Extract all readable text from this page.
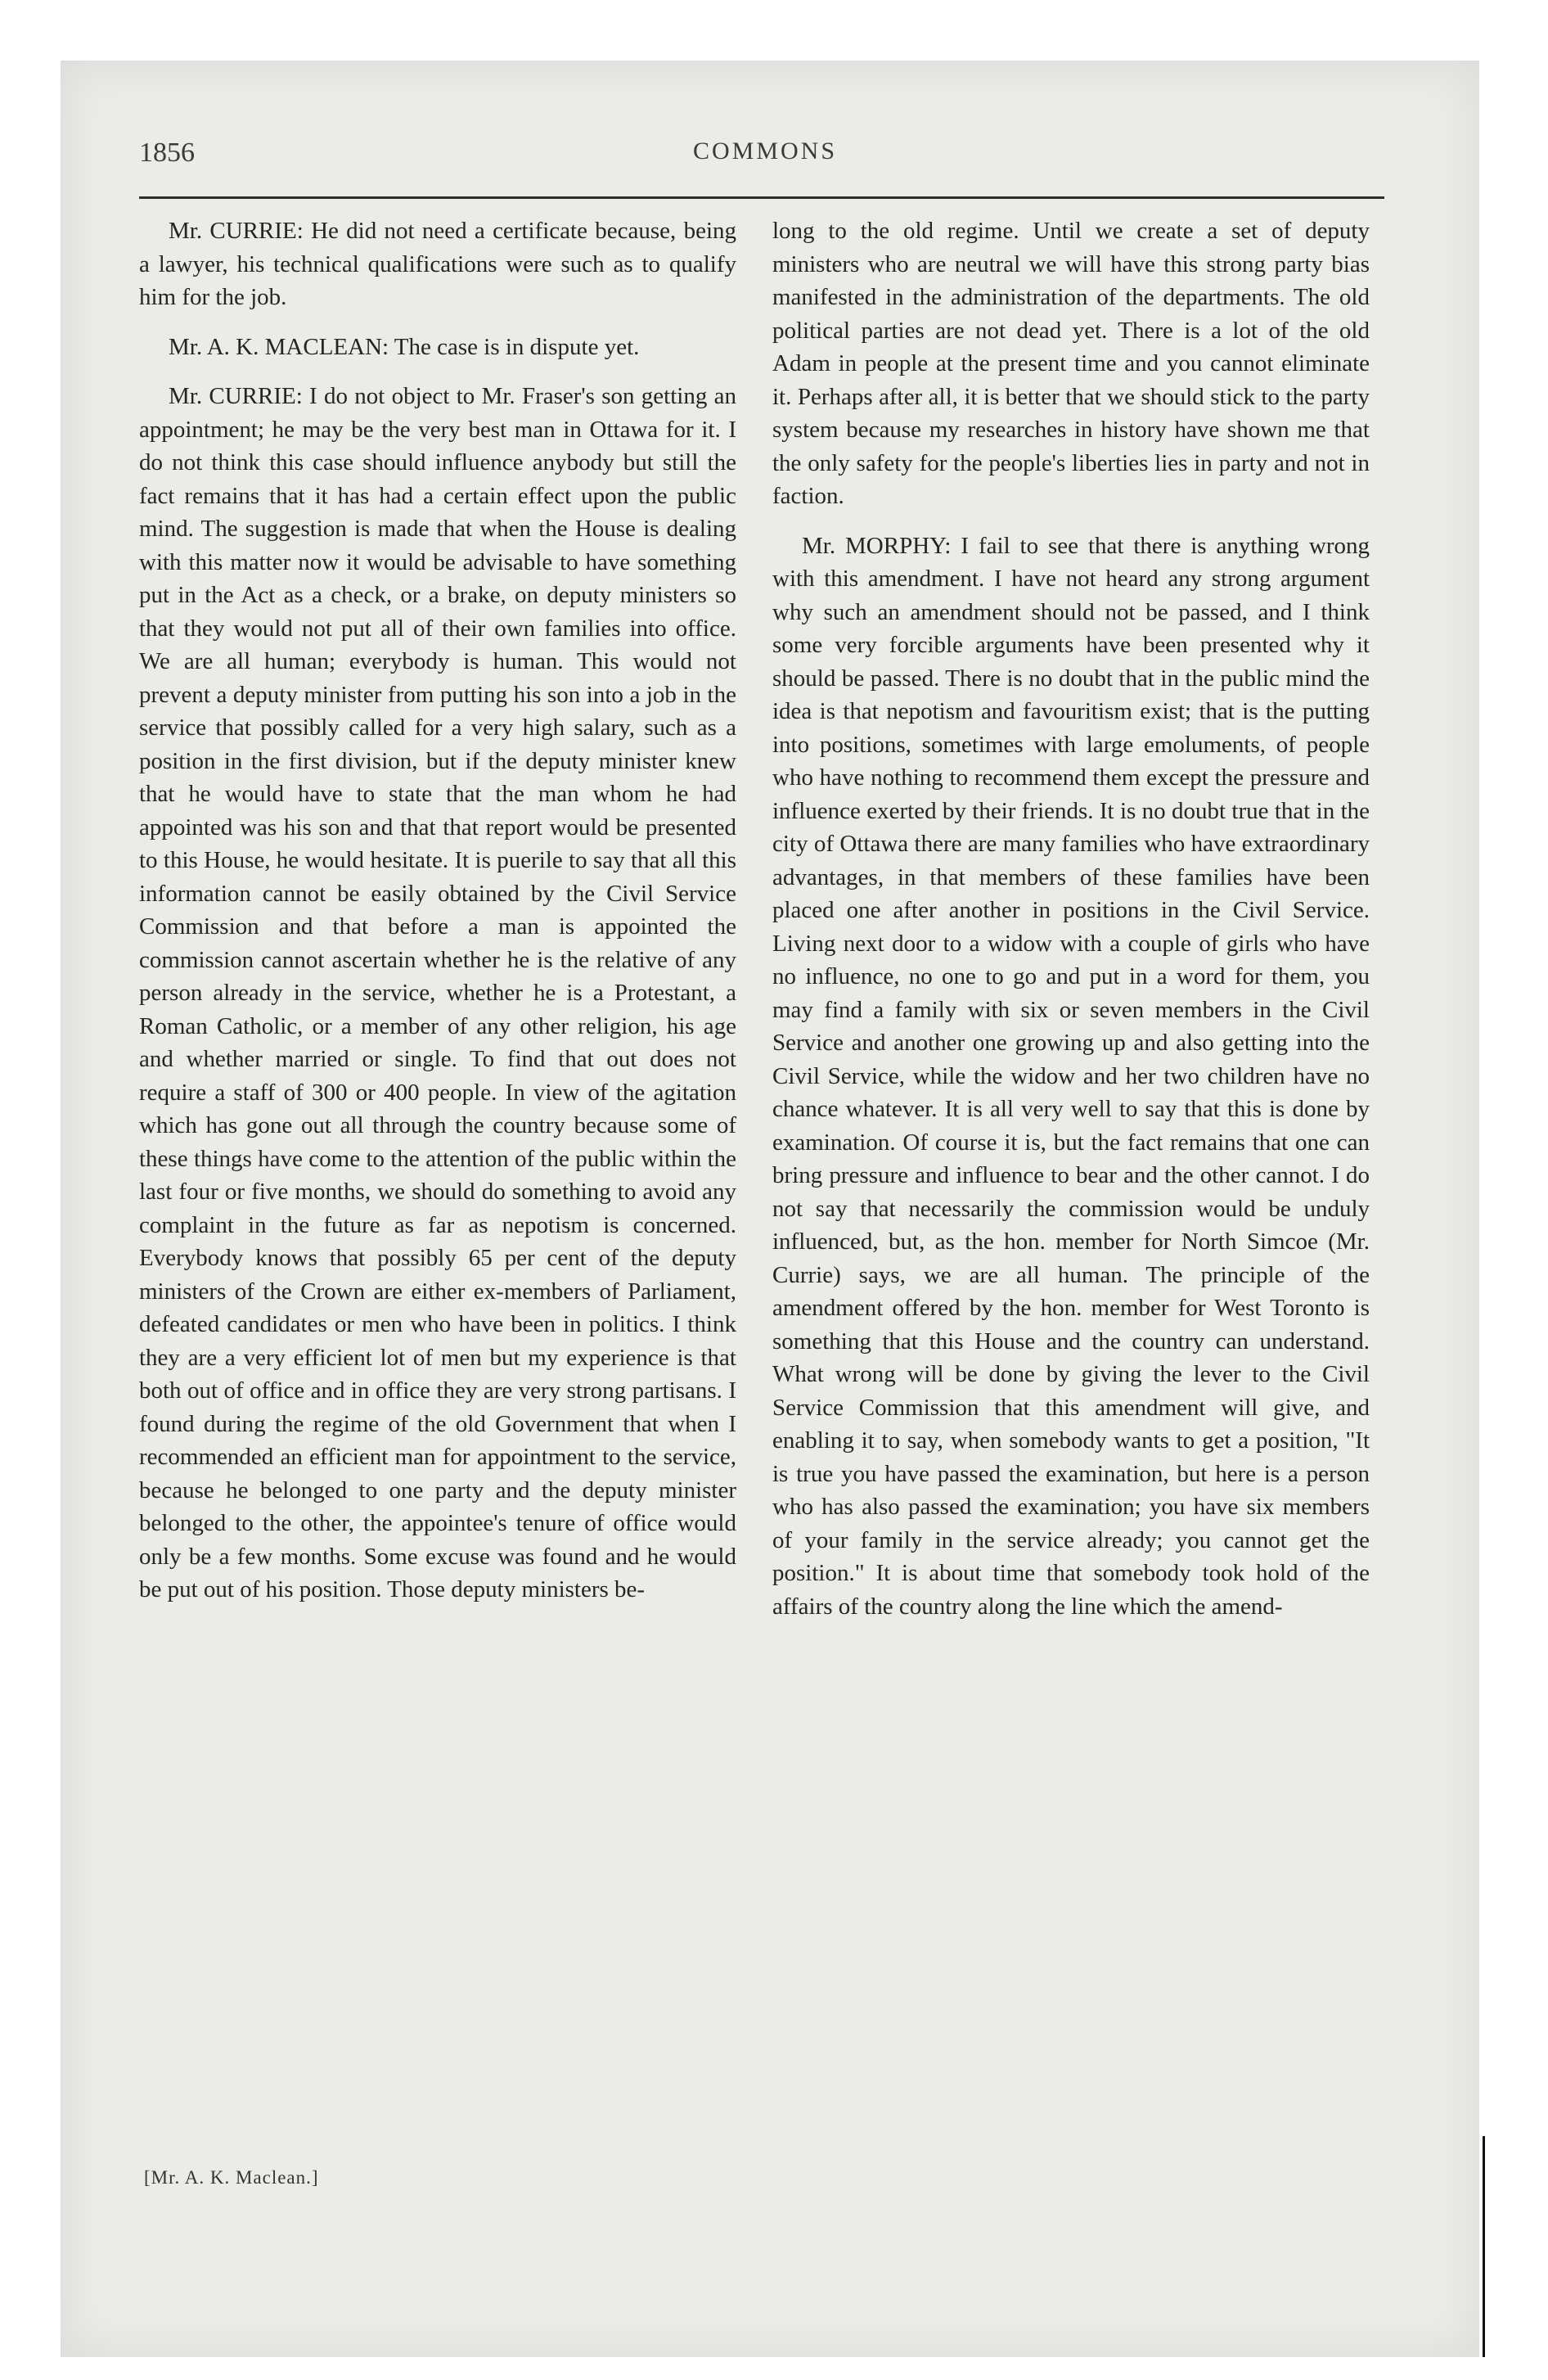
1856	COMMONS

Mr. CURRIE: He did not need a certificate because, being a lawyer, his technical qualifications were such as to qualify him for the job.

Mr. A. K. MACLEAN: The case is in dispute yet.

Mr. CURRIE: I do not object to Mr. Fraser's son getting an appointment; he may be the very best man in Ottawa for it. I do not think this case should influence anybody but still the fact remains that it has had a certain effect upon the public mind. The suggestion is made that when the House is dealing with this matter now it would be advisable to have something put in the Act as a check, or a brake, on deputy ministers so that they would not put all of their own families into office. We are all human; everybody is human. This would not prevent a deputy minister from putting his son into a job in the service that possibly called for a very high salary, such as a position in the first division, but if the deputy minister knew that he would have to state that the man whom he had appointed was his son and that that report would be presented to this House, he would hesitate. It is puerile to say that all this information cannot be easily obtained by the Civil Service Commission and that before a man is appointed the commission cannot ascertain whether he is the relative of any person already in the service, whether he is a Protestant, a Roman Catholic, or a member of any other religion, his age and whether married or single. To find that out does not require a staff of 300 or 400 people. In view of the agitation which has gone out all through the country because some of these things have come to the attention of the public within the last four or five months, we should do something to avoid any complaint in the future as far as nepotism is concerned. Everybody knows that possibly 65 per cent of the deputy ministers of the Crown are either ex-members of Parliament, defeated candidates or men who have been in politics. I think they are a very efficient lot of men but my experience is that both out of office and in office they are very strong partisans. I found during the regime of the old Government that when I recommended an efficient man for appointment to the service, because he belonged to one party and the deputy minister belonged to the other, the appointee's tenure of office would only be a few months. Some excuse was found and he would be put out of his position. Those deputy ministers be-

long to the old regime. Until we create a set of deputy ministers who are neutral we will have this strong party bias manifested in the administration of the departments. The old political parties are not dead yet. There is a lot of the old Adam in people at the present time and you cannot eliminate it. Perhaps after all, it is better that we should stick to the party system because my researches in history have shown me that the only safety for the people's liberties lies in party and not in faction.

Mr. MORPHY: I fail to see that there is anything wrong with this amendment. I have not heard any strong argument why such an amendment should not be passed, and I think some very forcible arguments have been presented why it should be passed. There is no doubt that in the public mind the idea is that nepotism and favouritism exist; that is the putting into positions, sometimes with large emoluments, of people who have nothing to recommend them except the pressure and influence exerted by their friends. It is no doubt true that in the city of Ottawa there are many families who have extraordinary advantages, in that members of these families have been placed one after another in positions in the Civil Service. Living next door to a widow with a couple of girls who have no influence, no one to go and put in a word for them, you may find a family with six or seven members in the Civil Service and another one growing up and also getting into the Civil Service, while the widow and her two children have no chance whatever. It is all very well to say that this is done by examination. Of course it is, but the fact remains that one can bring pressure and influence to bear and the other cannot. I do not say that necessarily the commission would be unduly influenced, but, as the hon. member for North Simcoe (Mr. Currie) says, we are all human. The principle of the amendment offered by the hon. member for West Toronto is something that this House and the country can understand. What wrong will be done by giving the lever to the Civil Service Commission that this amendment will give, and enabling it to say, when somebody wants to get a position, "It is true you have passed the examination, but here is a person who has also passed the examination; you have six members of your family in the service already; you cannot get the position." It is about time that somebody took hold of the affairs of the country along the line which the amend-

[Mr. A. K. Maclean.]
